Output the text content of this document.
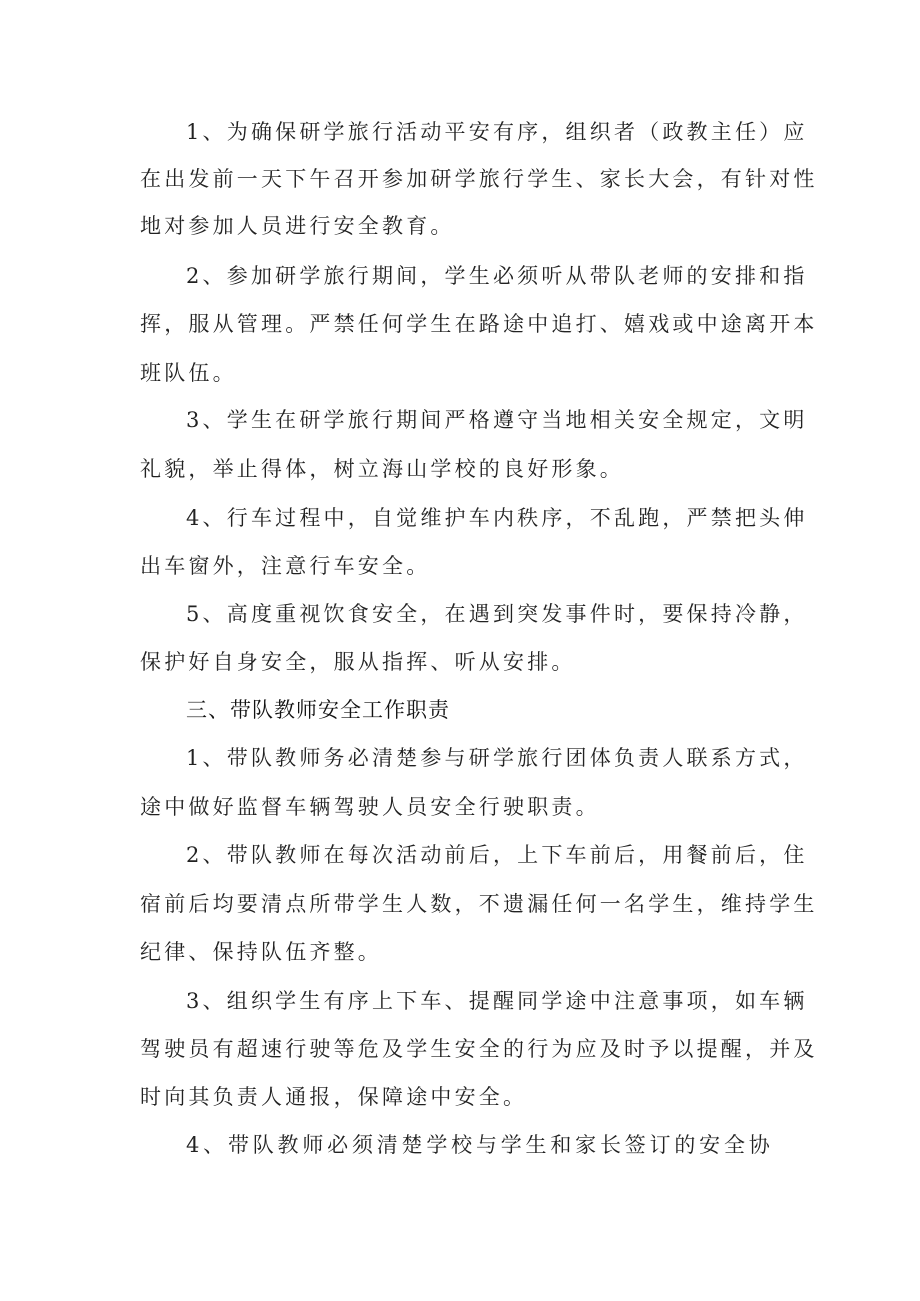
1、为确保研学旅行活动平安有序，组织者（政教主任）应
在出发前一天下午召开参加研学旅行学生、家长大会，有针对性
地对参加人员进行安全教育。
2、参加研学旅行期间，学生必须听从带队老师的安排和指
挥，服从管理。严禁任何学生在路途中追打、嬉戏或中途离开本
班队伍。
3、学生在研学旅行期间严格遵守当地相关安全规定，文明
礼貌，举止得体，树立海山学校的良好形象。
4、行车过程中，自觉维护车内秩序，不乱跑，严禁把头伸
出车窗外，注意行车安全。
5、高度重视饮食安全，在遇到突发事件时，要保持冷静，
保护好自身安全，服从指挥、听从安排。
三、带队教师安全工作职责
1、带队教师务必清楚参与研学旅行团体负责人联系方式，
途中做好监督车辆驾驶人员安全行驶职责。
2、带队教师在每次活动前后，上下车前后，用餐前后，住
宿前后均要清点所带学生人数，不遗漏任何一名学生，维持学生
纪律、保持队伍齐整。
3、组织学生有序上下车、提醒同学途中注意事项，如车辆
驾驶员有超速行驶等危及学生安全的行为应及时予以提醒，并及
时向其负责人通报，保障途中安全。
4、带队教师必须清楚学校与学生和家长签订的安全协
